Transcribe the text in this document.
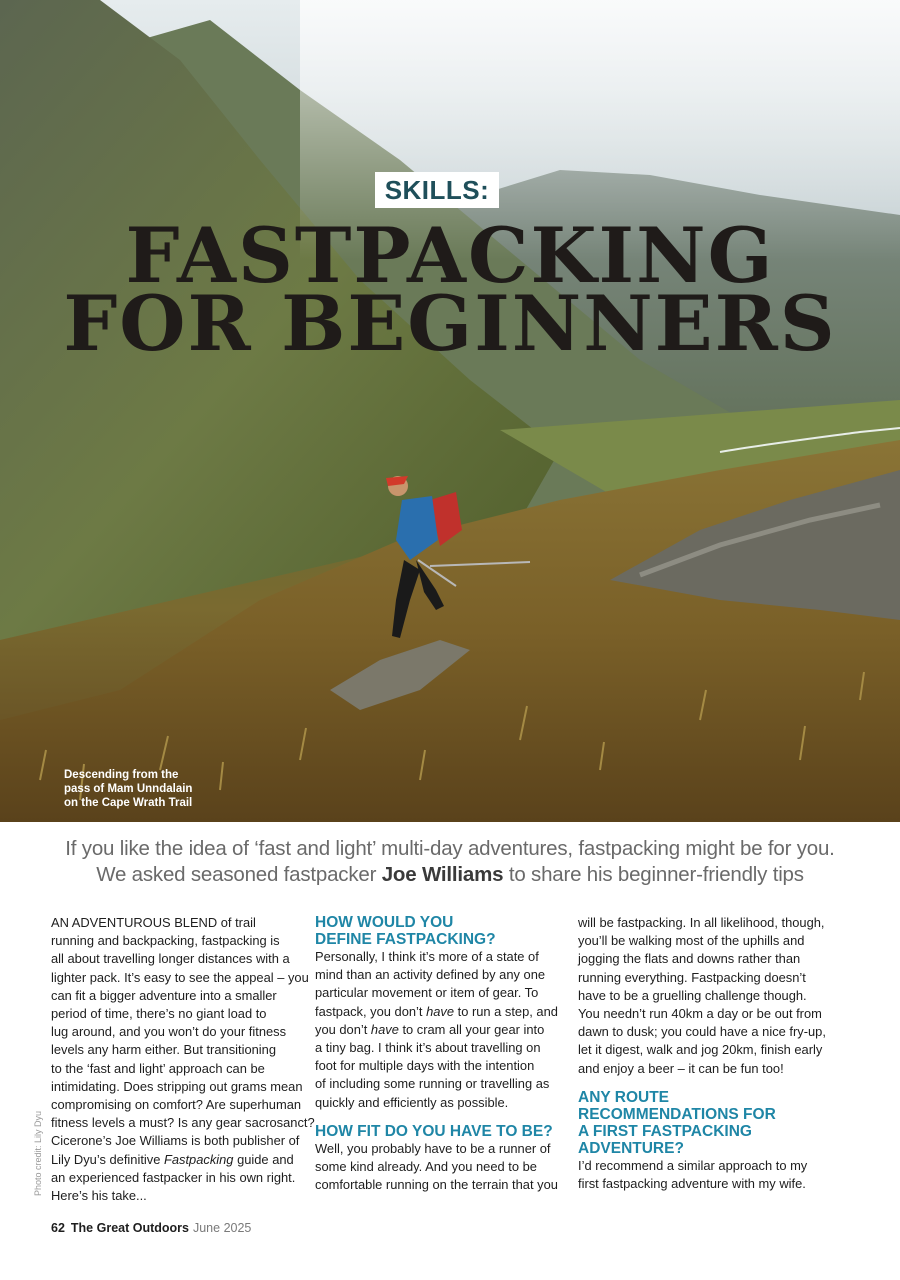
SKILLS:
FASTPACKING
FOR BEGINNERS
Descending from the
pass of Mam Unndalain
on the Cape Wrath Trail
If you like the idea of ‘fast and light’ multi-day adventures, fastpacking might be for you.
We asked seasoned fastpacker Joe Williams to share his beginner-friendly tips
Photo credit: Lily Dyu
AN ADVENTUROUS BLEND of trail
running and backpacking, fastpacking is
all about travelling longer distances with a
lighter pack. It’s easy to see the appeal – you
can fit a bigger adventure into a smaller
period of time, there’s no giant load to
lug around, and you won’t do your fitness
levels any harm either. But transitioning
to the ‘fast and light’ approach can be
intimidating. Does stripping out grams mean
compromising on comfort? Are superhuman
fitness levels a must? Is any gear sacrosanct?
Cicerone’s Joe Williams is both publisher of
Lily Dyu’s definitive Fastpacking guide and
an experienced fastpacker in his own right.
Here’s his take...
HOW WOULD YOU
DEFINE FASTPACKING?
Personally, I think it’s more of a state of
mind than an activity defined by any one
particular movement or item of gear. To
fastpack, you don’t have to run a step, and
you don’t have to cram all your gear into
a tiny bag. I think it’s about travelling on
foot for multiple days with the intention
of including some running or travelling as
quickly and efficiently as possible.
HOW FIT DO YOU HAVE TO BE?
Well, you probably have to be a runner of
some kind already. And you need to be
comfortable running on the terrain that you
will be fastpacking. In all likelihood, though,
you’ll be walking most of the uphills and
jogging the flats and downs rather than
running everything. Fastpacking doesn’t
have to be a gruelling challenge though.
You needn’t run 40km a day or be out from
dawn to dusk; you could have a nice fry-up,
let it digest, walk and jog 20km, finish early
and enjoy a beer – it can be fun too!
ANY ROUTE
RECOMMENDATIONS FOR
A FIRST FASTPACKING
ADVENTURE?
I’d recommend a similar approach to my
first fastpacking adventure with my wife.
62 The Great Outdoors June 2025
